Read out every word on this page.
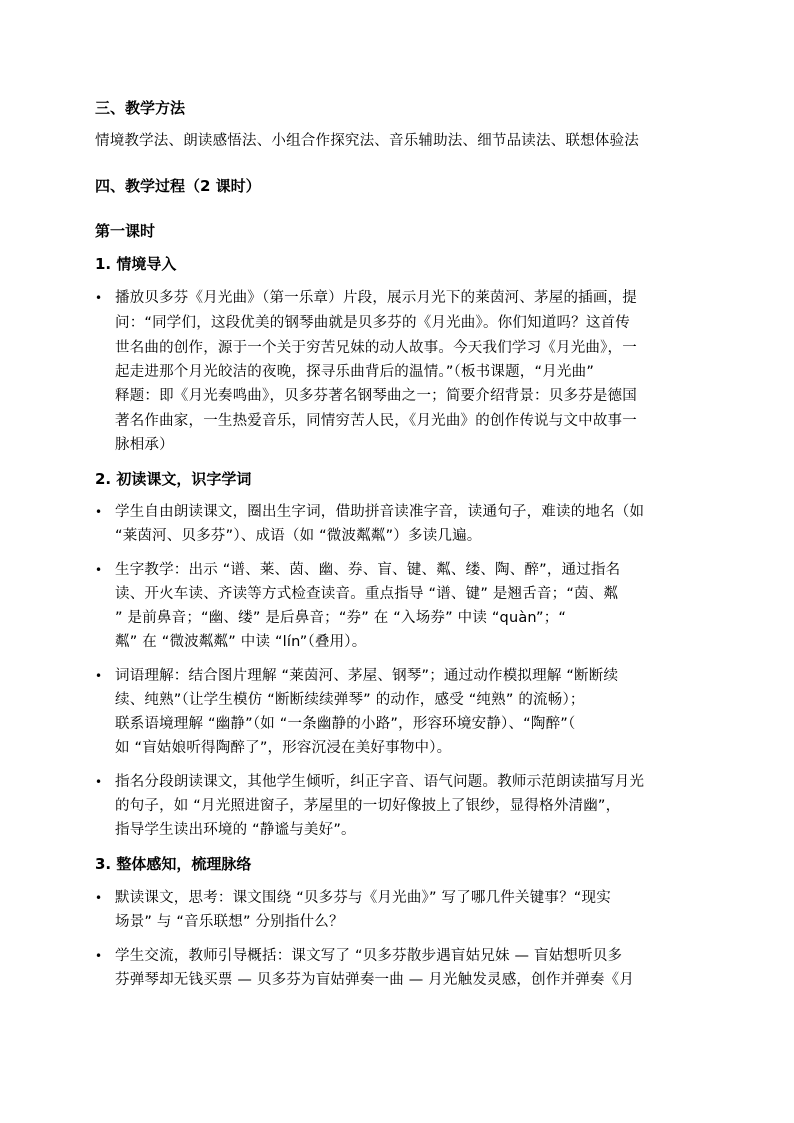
三、教学方法
情境教学法、朗读感悟法、小组合作探究法、音乐辅助法、细节品读法、联想体验法
四、教学过程（2 课时）
第一课时
1. 情境导入
• 播放贝多芬《月光曲》（第一乐章）片段，展示月光下的莱茵河、茅屋的插画，提
问：“同学们，这段优美的钢琴曲就是贝多芬的《月光曲》。你们知道吗？这首传
世名曲的创作，源于一个关于穷苦兄妹的动人故事。今天我们学习《月光曲》，一
起走进那个月光皎洁的夜晚，探寻乐曲背后的温情。”（板书课题，“月光曲”
释题：即《月光奏鸣曲》，贝多芬著名钢琴曲之一；简要介绍背景：贝多芬是德国
著名作曲家，一生热爱音乐，同情穷苦人民，《月光曲》的创作传说与文中故事一
脉相承）
2. 初读课文，识字学词
• 学生自由朗读课文，圈出生字词，借助拼音读准字音，读通句子，难读的地名（如
“莱茵河、贝多芬”）、成语（如 “微波粼粼”）多读几遍。
• 生字教学：出示 “谱、莱、茵、幽、券、盲、键、粼、缕、陶、醉”，通过指名
读、开火车读、齐读等方式检查读音。重点指导 “谱、键” 是翘舌音；“茵、粼
” 是前鼻音；“幽、缕” 是后鼻音；“券” 在 “入场券” 中读 “quàn”；“
粼” 在 “微波粼粼” 中读 “lín”（叠用）。
• 词语理解：结合图片理解 “莱茵河、茅屋、钢琴”；通过动作模拟理解 “断断续
续、纯熟”（让学生模仿 “断断续续弹琴” 的动作，感受 “纯熟” 的流畅）；
联系语境理解 “幽静”（如 “一条幽静的小路”，形容环境安静）、“陶醉”（
如 “盲姑娘听得陶醉了”，形容沉浸在美好事物中）。
• 指名分段朗读课文，其他学生倾听，纠正字音、语气问题。教师示范朗读描写月光
的句子，如 “月光照进窗子，茅屋里的一切好像披上了银纱，显得格外清幽”，
指导学生读出环境的 “静谧与美好”。
3. 整体感知，梳理脉络
• 默读课文，思考：课文围绕 “贝多芬与《月光曲》” 写了哪几件关键事？“现实
场景” 与 “音乐联想” 分别指什么？
• 学生交流，教师引导概括：课文写了 “贝多芬散步遇盲姑兄妹 — 盲姑想听贝多
芬弹琴却无钱买票 — 贝多芬为盲姑弹奏一曲 — 月光触发灵感，创作并弹奏《月
